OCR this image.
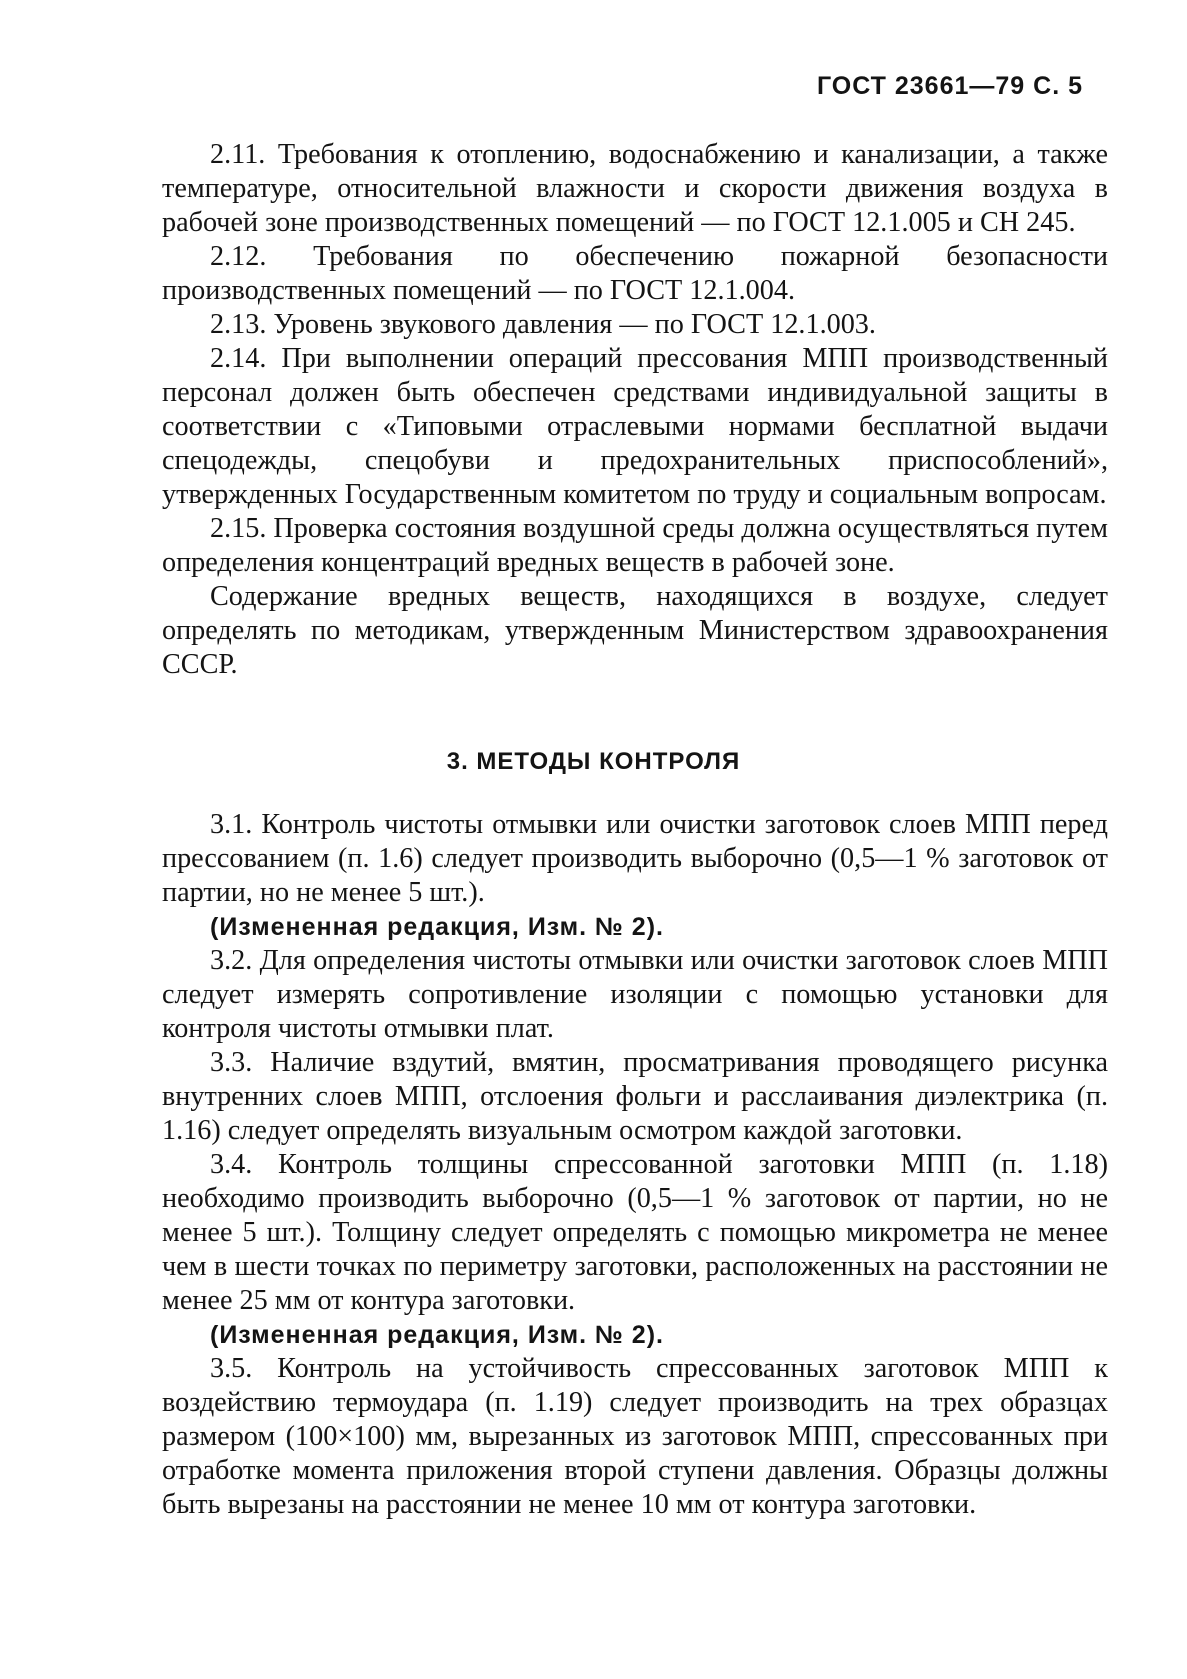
ГОСТ 23661—79 С. 5

2.11. Требования к отоплению, водоснабжению и канализации, а также температуре, относительной влажности и скорости движения воздуха в рабочей зоне производственных помещений — по ГОСТ 12.1.005 и СН 245.

2.12. Требования по обеспечению пожарной безопасности производственных помещений — по ГОСТ 12.1.004.

2.13. Уровень звукового давления — по ГОСТ 12.1.003.

2.14. При выполнении операций прессования МПП производственный персонал должен быть обеспечен средствами индивидуальной защиты в соответствии с «Типовыми отраслевыми нормами бесплатной выдачи спецодежды, спецобуви и предохранительных приспособлений», утвержденных Государственным комитетом по труду и социальным вопросам.

2.15. Проверка состояния воздушной среды должна осуществляться путем определения концентраций вредных веществ в рабочей зоне.

Содержание вредных веществ, находящихся в воздухе, следует определять по методикам, утвержденным Министерством здравоохранения СССР.

3. МЕТОДЫ КОНТРОЛЯ

3.1. Контроль чистоты отмывки или очистки заготовок слоев МПП перед прессованием (п. 1.6) следует производить выборочно (0,5—1 % заготовок от партии, но не менее 5 шт.).

(Измененная редакция, Изм. № 2).

3.2. Для определения чистоты отмывки или очистки заготовок слоев МПП следует измерять сопротивление изоляции с помощью установки для контроля чистоты отмывки плат.

3.3. Наличие вздутий, вмятин, просматривания проводящего рисунка внутренних слоев МПП, отслоения фольги и расслаивания диэлектрика (п. 1.16) следует определять визуальным осмотром каждой заготовки.

3.4. Контроль толщины спрессованной заготовки МПП (п. 1.18) необходимо производить выборочно (0,5—1 % заготовок от партии, но не менее 5 шт.). Толщину следует определять с помощью микрометра не менее чем в шести точках по периметру заготовки, расположенных на расстоянии не менее 25 мм от контура заготовки.

(Измененная редакция, Изм. № 2).

3.5. Контроль на устойчивость спрессованных заготовок МПП к воздействию термоудара (п. 1.19) следует производить на трех образцах размером (100×100) мм, вырезанных из заготовок МПП, спрессованных при отработке момента приложения второй ступени давления. Образцы должны быть вырезаны на расстоянии не менее 10 мм от контура заготовки.
